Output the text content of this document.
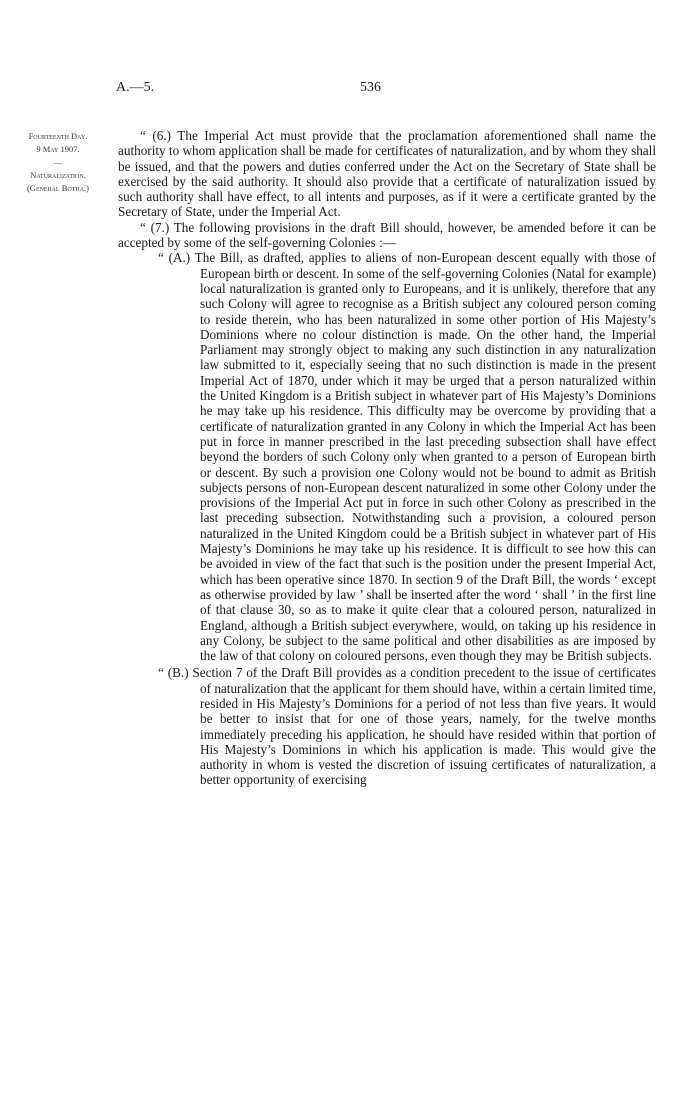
A.—5.	536
Fourteenth Day.
9 May 1907.
—
Naturalization.
(General Botha.)

“ (6.) The Imperial Act must provide that the proclamation aforementioned shall name the authority to whom application shall be made for certificates of naturalization, and by whom they shall be issued, and that the powers and duties conferred under the Act on the Secretary of State shall be exercised by the said authority. It should also provide that a certificate of naturalization issued by such authority shall have effect, to all intents and purposes, as if it were a certificate granted by the Secretary of State, under the Imperial Act.

“ (7.) The following provisions in the draft Bill should, however, be amended before it can be accepted by some of the self-governing Colonies :—

“ (A.) The Bill, as drafted, applies to aliens of non-European descent equally with those of European birth or descent. In some of the self-governing Colonies (Natal for example) local naturalization is granted only to Europeans, and it is unlikely, therefore that any such Colony will agree to recognise as a British subject any coloured person coming to reside therein, who has been naturalized in some other portion of His Majesty’s Dominions where no colour distinction is made. On the other hand, the Imperial Parliament may strongly object to making any such distinction in any naturalization law submitted to it, especially seeing that no such distinction is made in the present Imperial Act of 1870, under which it may be urged that a person naturalized within the United Kingdom is a British subject in whatever part of His Majesty’s Dominions he may take up his residence. This difficulty may be overcome by providing that a certificate of naturalization granted in any Colony in which the Imperial Act has been put in force in manner prescribed in the last preceding subsection shall have effect beyond the borders of such Colony only when granted to a person of European birth or descent. By such a provision one Colony would not be bound to admit as British subjects persons of non-European descent naturalized in some other Colony under the provisions of the Imperial Act put in force in such other Colony as prescribed in the last preceding subsection. Notwithstanding such a provision, a coloured person naturalized in the United Kingdom could be a British subject in whatever part of His Majesty’s Dominions he may take up his residence. It is difficult to see how this can be avoided in view of the fact that such is the position under the present Imperial Act, which has been operative since 1870. In section 9 of the Draft Bill, the words ‘ except as otherwise provided by law ’ shall be inserted after the word ‘ shall ’ in the first line of that clause 30, so as to make it quite clear that a coloured person, naturalized in England, although a British subject everywhere, would, on taking up his residence in any Colony, be subject to the same political and other disabilities as are imposed by the law of that colony on coloured persons, even though they may be British subjects.

“ (B.) Section 7 of the Draft Bill provides as a condition precedent to the issue of certificates of naturalization that the applicant for them should have, within a certain limited time, resided in His Majesty’s Dominions for a period of not less than five years. It would be better to insist that for one of those years, namely, for the twelve months immediately preceding his application, he should have resided within that portion of His Majesty’s Dominions in which his application is made. This would give the authority in whom is vested the discretion of issuing certificates of naturalization, a better opportunity of exercising
